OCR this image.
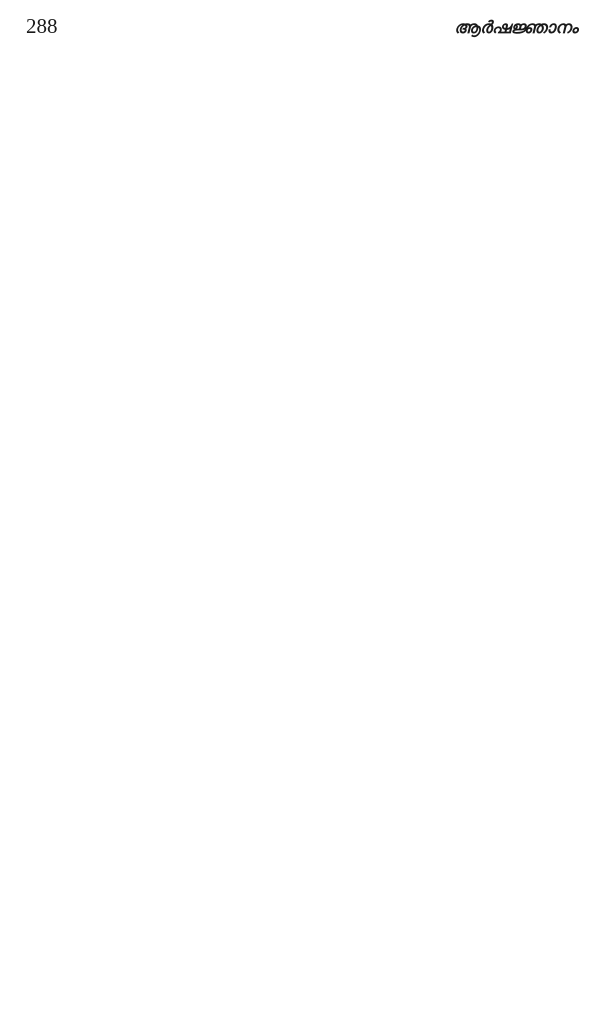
288	ആർഷജ്ഞാനം
